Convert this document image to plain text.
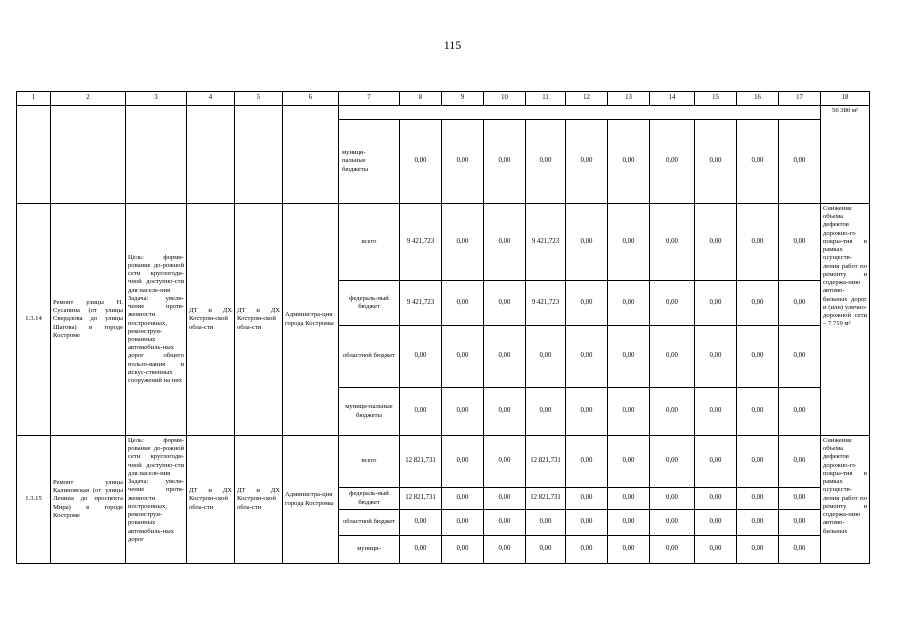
115
1	2	3	4	5	6	7	8	9	10	11	12	13	14	15	16	17	18
																	56 380 м²
						муници-
пальные
бюджеты	0,00	0,00	0,00	0,00	0,00	0,00	0,00	0,00	0,00	0,00	
1.3.14	Ремонт улицы Н. Сусанина (от улицы Свердлова до улицы Шагова) в городе Костроме	Цель: форми-рование до-рожной сети круглогоди-чной доступно-сти для населе-ния
Задача: увели-чение протя-женности построенных, реконструи-рованных автомобиль-ных дорог общего пользо-вания и искус-ственных сооружений на них	ДТ и ДХ Костром-ской обла-сти	ДТ и ДХ Костром-ской обла-сти	Администра-ция города Костромы	всего	9 421,723	0,00	0,00	9 421,723	0,00	0,00	0,00	0,00	0,00	0,00	Снижение объема дефектов дорожно-го покры-тия в рамках осуществ-ления работ по ремонту и содержа-нию автомо-бильных дорог и (или) улично-дорожной сети – 7 719 м²
						федераль-ный бюджет	9 421,723	0,00	0,00	9 421,723	0,00	0,00	0,00	0,00	0,00	0,00	
						областной бюджет	0,00	0,00	0,00	0,00	0,00	0,00	0,00	0,00	0,00	0,00	
						муници-пальные бюджеты	0,00	0,00	0,00	0,00	0,00	0,00	0,00	0,00	0,00	0,00	
1.3.15	Ремонт улицы Калиновская (от улицы Ленина до проспекта Мира) в городе Костроме	Цель: форми-рование до-рожной сети круглогоди-чной доступно-сти для населе-ния
Задача: увели-чение протя-женности построенных, реконструи-рованных автомобиль-ных дорог	ДТ и ДХ Костром-ской обла-сти	ДТ и ДХ Костром-ской обла-сти	Администра-ция города Костромы	всего	12 821,731	0,00	0,00	12 821,731	0,00	0,00	0,00	0,00	0,00	0,00	Снижение объема дефектов дорожно-го покры-тия в рамках осуществ-ления работ по ремонту и содержа-нию автомо-бильных
						федераль-ный бюджет	12 821,731	0,00	0,00	12 821,731	0,00	0,00	0,00	0,00	0,00	0,00	
						областной бюджет	0,00	0,00	0,00	0,00	0,00	0,00	0,00	0,00	0,00	0,00	
						муници-	0,00	0,00	0,00	0,00	0,00	0,00	0,00	0,00	0,00	0,00	
